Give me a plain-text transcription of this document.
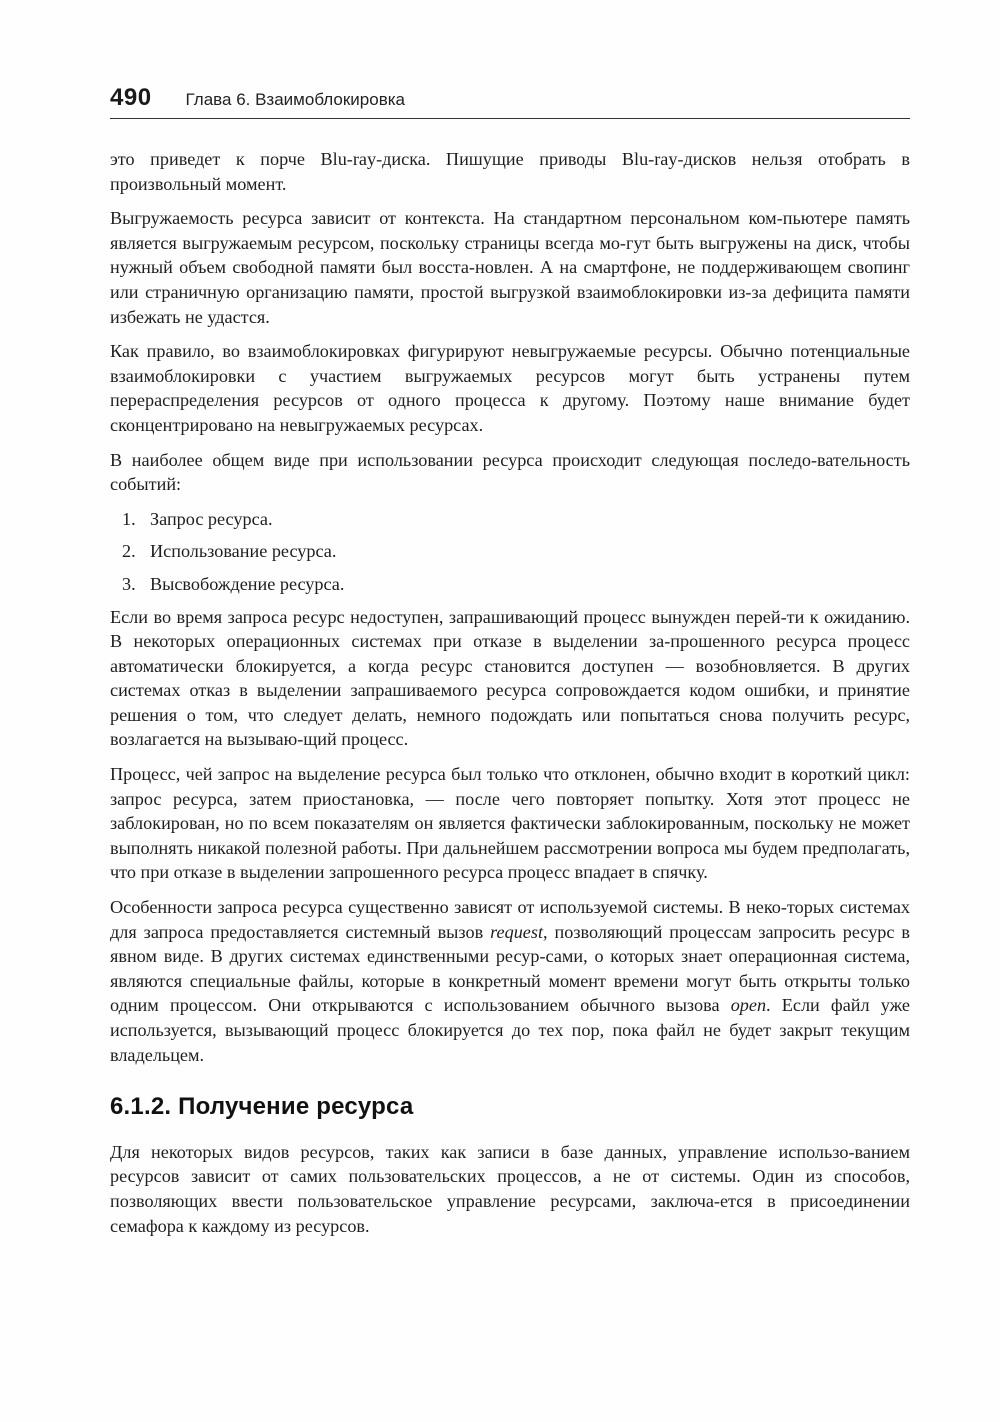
490 Глава 6. Взаимоблокировка

это приведет к порче Blu-ray-диска. Пишущие приводы Blu-ray-дисков нельзя отобрать в произвольный момент.

Выгружаемость ресурса зависит от контекста. На стандартном персональном ком-пьютере память является выгружаемым ресурсом, поскольку страницы всегда мо-гут быть выгружены на диск, чтобы нужный объем свободной памяти был восста-новлен. А на смартфоне, не поддерживающем свопинг или страничную организацию памяти, простой выгрузкой взаимоблокировки из-за дефицита памяти избежать не удастся.

Как правило, во взаимоблокировках фигурируют невыгружаемые ресурсы. Обычно потенциальные взаимоблокировки с участием выгружаемых ресурсов могут быть устранены путем перераспределения ресурсов от одного процесса к другому. Поэтому наше внимание будет сконцентрировано на невыгружаемых ресурсах.

В наиболее общем виде при использовании ресурса происходит следующая последо-вательность событий:

1. Запрос ресурса.
2. Использование ресурса.
3. Высвобождение ресурса.

Если во время запроса ресурс недоступен, запрашивающий процесс вынужден перей-ти к ожиданию. В некоторых операционных системах при отказе в выделении за-прошенного ресурса процесс автоматически блокируется, а когда ресурс становится доступен — возобновляется. В других системах отказ в выделении запрашиваемого ресурса сопровождается кодом ошибки, и принятие решения о том, что следует делать, немного подождать или попытаться снова получить ресурс, возлагается на вызываю-щий процесс.

Процесс, чей запрос на выделение ресурса был только что отклонен, обычно входит в короткий цикл: запрос ресурса, затем приостановка, — после чего повторяет попытку. Хотя этот процесс не заблокирован, но по всем показателям он является фактически заблокированным, поскольку не может выполнять никакой полезной работы. При дальнейшем рассмотрении вопроса мы будем предполагать, что при отказе в выделении запрошенного ресурса процесс впадает в спячку.

Особенности запроса ресурса существенно зависят от используемой системы. В неко-торых системах для запроса предоставляется системный вызов request, позволяющий процессам запросить ресурс в явном виде. В других системах единственными ресур-сами, о которых знает операционная система, являются специальные файлы, которые в конкретный момент времени могут быть открыты только одним процессом. Они открываются с использованием обычного вызова open. Если файл уже используется, вызывающий процесс блокируется до тех пор, пока файл не будет закрыт текущим владельцем.

6.1.2. Получение ресурса

Для некоторых видов ресурсов, таких как записи в базе данных, управление использо-ванием ресурсов зависит от самих пользовательских процессов, а не от системы. Один из способов, позволяющих ввести пользовательское управление ресурсами, заключа-ется в присоединении семафора к каждому из ресурсов.
